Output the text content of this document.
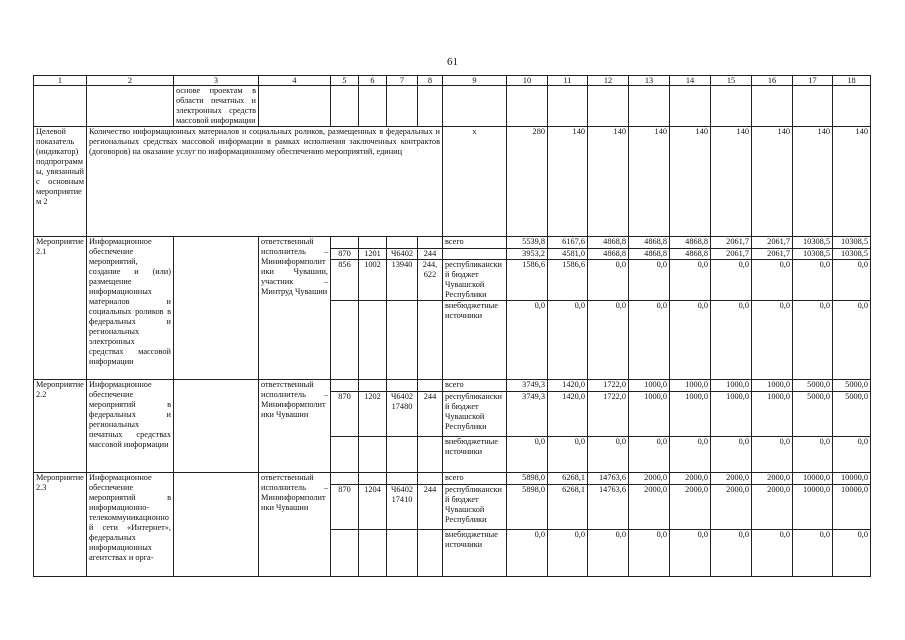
61
1	2	3	4	5	6	7	8	9	10	11	12	13	14	15	16	17	18
		основе проектам в области печатных и электронных средств массовой информации															
Целевой показатель (индикатор) подпрограммы, увязанный с основным мероприятием 2	Количество информационных материалов и социальных роликов, размещенных в федеральных и региональных средствах массовой информации в рамках исполнения заключенных контрактов (договоров) на оказание услуг по информационному обеспечению мероприятий, единиц							x	280	140	140	140	140	140	140	140	140
Мероприятие 2.1	Информационное обеспечение мероприятий, создание и (или) размещение информационных материалов и социальных роликов в федеральных и региональных электронных средствах массовой информации		ответственный исполнитель – Мининформполитики Чувашии, участник – Минтруд Чувашии					всего	5539,8	6167,6	4868,8	4868,8	4868,8	2061,7	2061,7	10308,5	10308,5
				870	1201	Ч6402	244		3953,2	4581,0	4868,8	4868,8	4868,8	2061,7	2061,7	10308,5	10308,5
				856	1002	13940	244, 622	республиканский бюджет Чувашской Республики	1586,6	1586,6	0,0	0,0	0,0	0,0	0,0	0,0	0,0
								внебюджетные источники	0,0	0,0	0,0	0,0	0,0	0,0	0,0	0,0	0,0
Мероприятие 2.2	Информационное обеспечение мероприятий в федеральных и региональных печатных средствах массовой информации		ответственный исполнитель – Мининформполитики Чувашии					всего	3749,3	1420,0	1722,0	1000,0	1000,0	1000,0	1000,0	5000,0	5000,0
				870	1202	Ч6402 17480	244	республиканский бюджет Чувашской Республики	3749,3	1420,0	1722,0	1000,0	1000,0	1000,0	1000,0	5000,0	5000,0
								внебюджетные источники	0,0	0,0	0,0	0,0	0,0	0,0	0,0	0,0	0,0
Мероприятие 2.3	Информационное обеспечение мероприятий в информационно-телекоммуникационной сети «Интернет», федеральных информационных агентствах и орга-		ответственный исполнитель – Мининформполитики Чувашии					всего	5898,0	6268,1	14763,6	2000,0	2000,0	2000,0	2000,0	10000,0	10000,0
				870	1204	Ч6402 17410	244	республиканский бюджет Чувашской Республики	5898,0	6268,1	14763,6	2000,0	2000,0	2000,0	2000,0	10000,0	10000,0
								внебюджетные источники	0,0	0,0	0,0	0,0	0,0	0,0	0,0	0,0	0,0
